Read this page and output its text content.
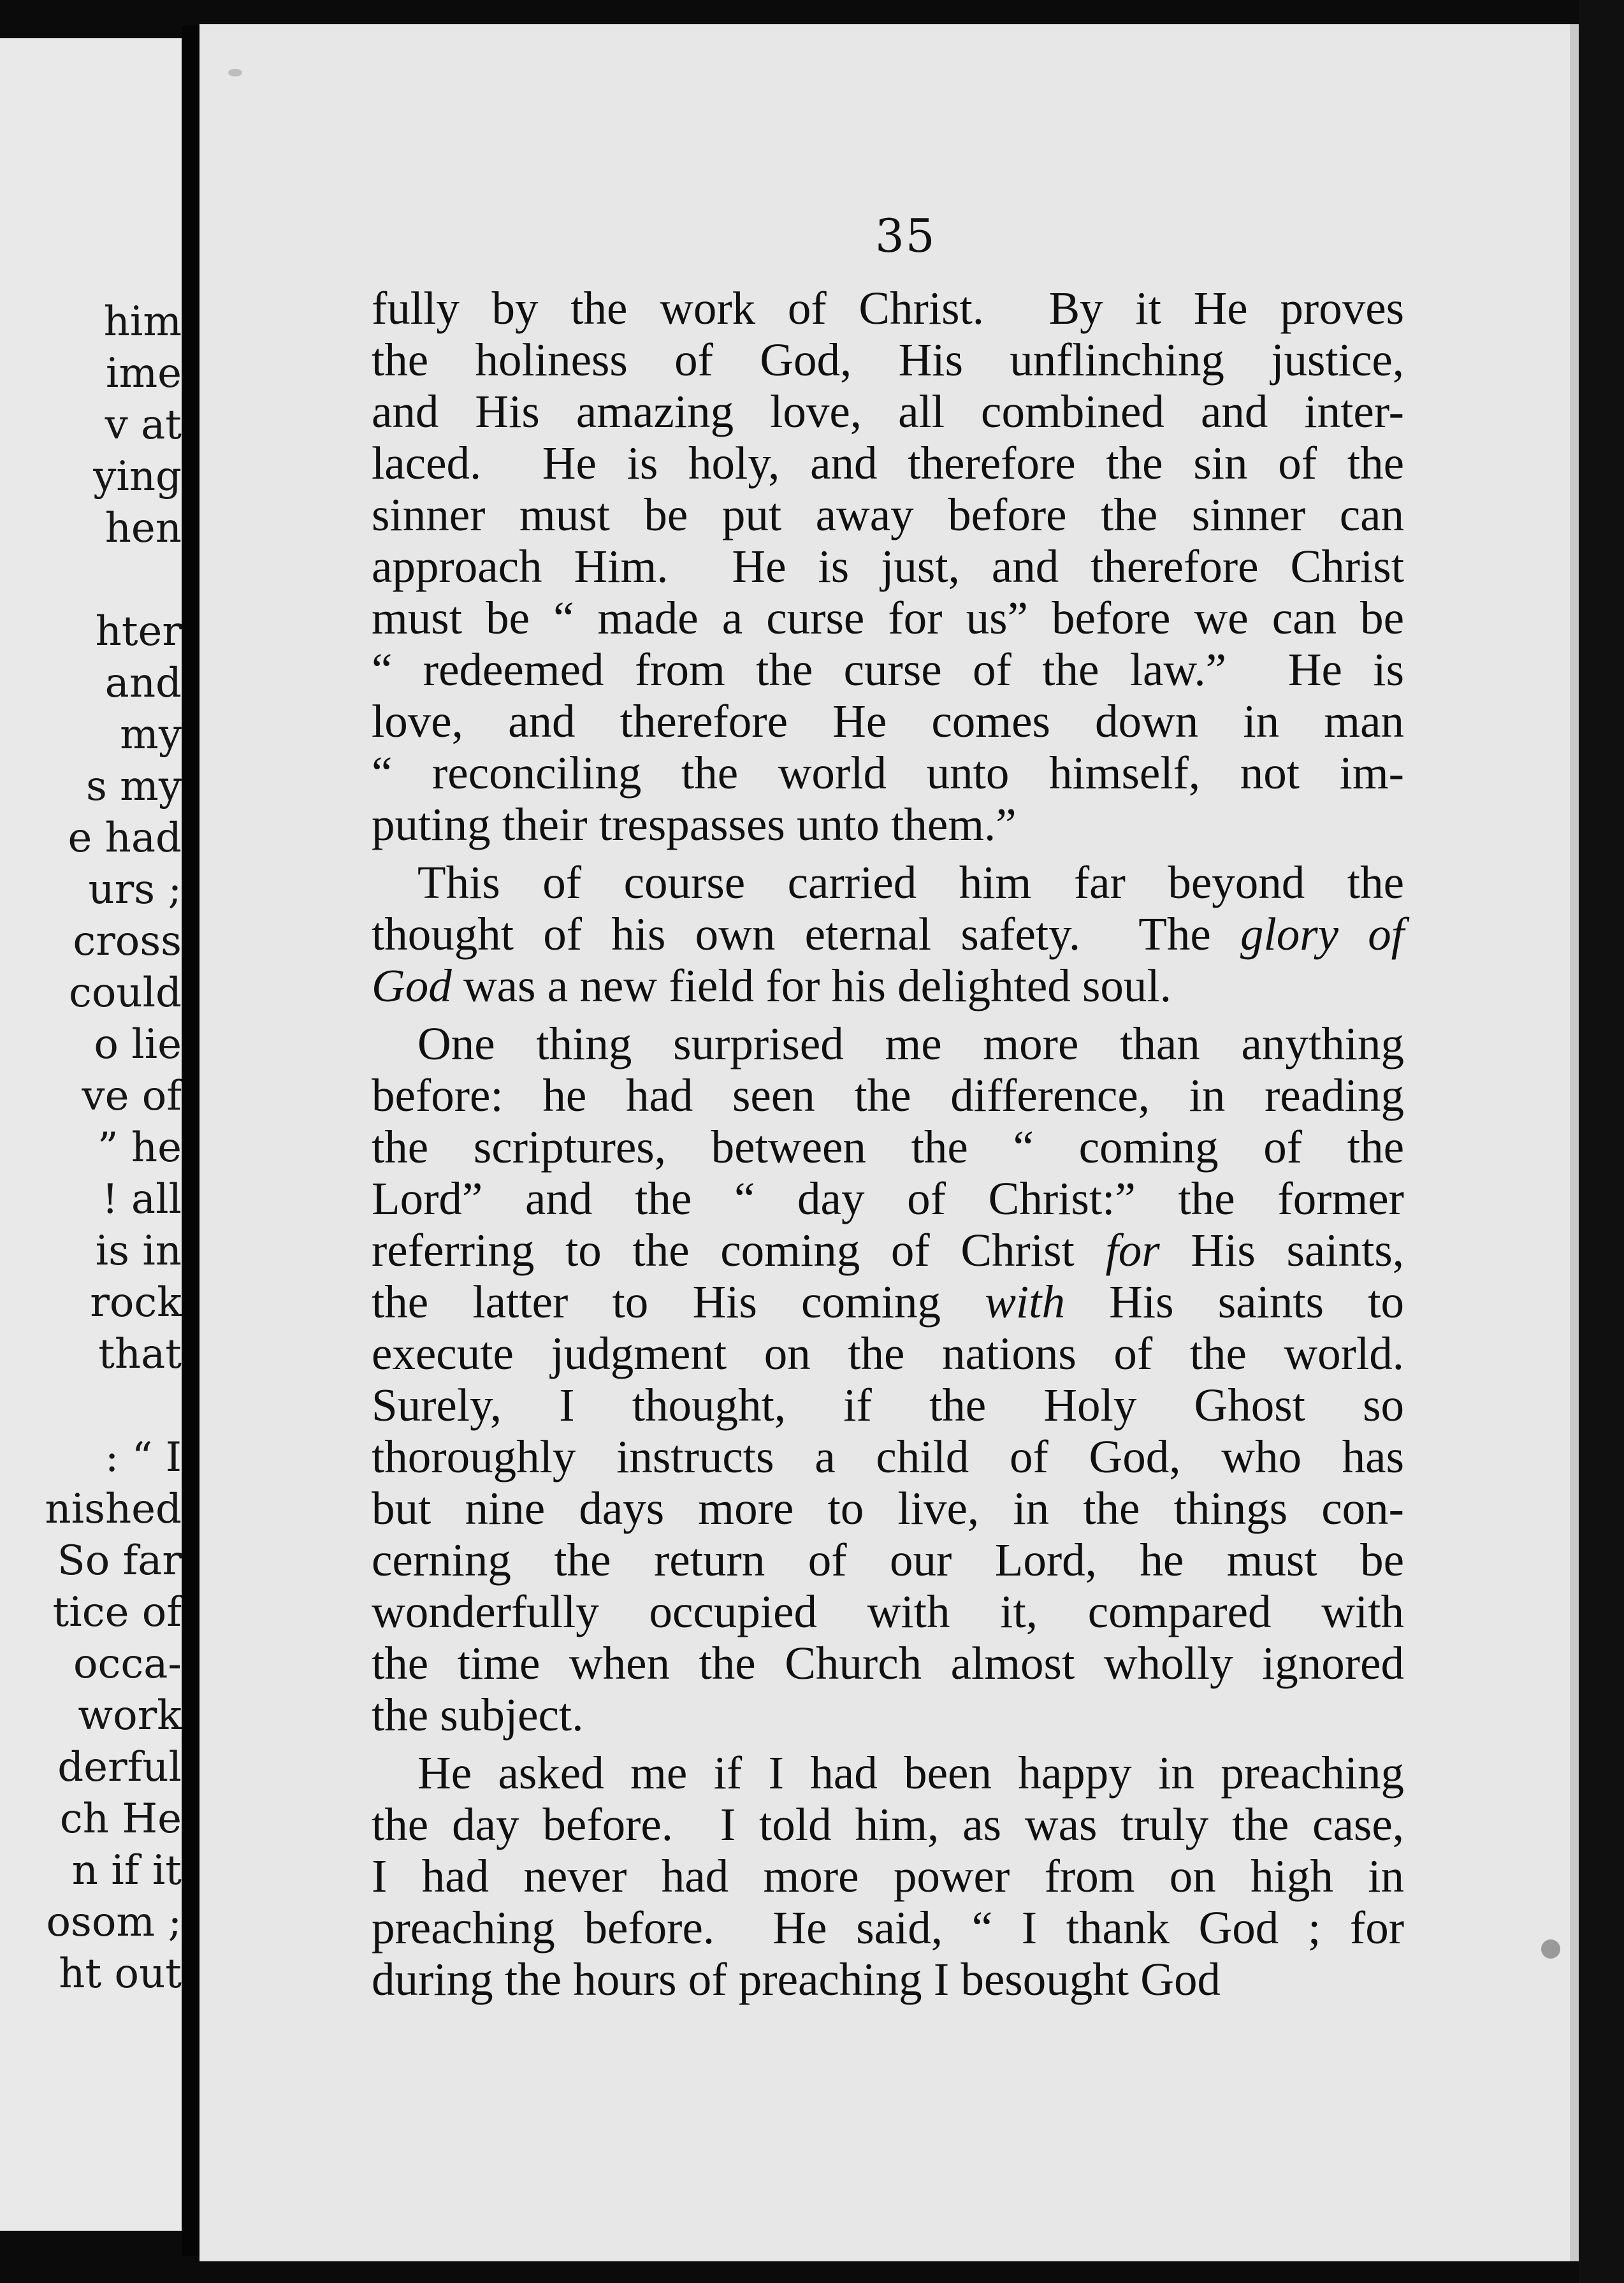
him
ime
v at
ying
hen
hter
and
my
s my
e had
urs ;
cross
could
o lie
ve of
” he
! all
is in
rock
that
: “ I
nished
So far
tice of
occa-
work
derful
ch He
n if it
osom ;
ht out
35
fully by the work of Christ.  By it He proves
the holiness of God, His unflinching justice,
and His amazing love, all combined and inter-
laced.  He is holy, and therefore the sin of the
sinner must be put away before the sinner can
approach Him.  He is just, and therefore Christ
must be “ made a curse for us” before we can be
“ redeemed from the curse of the law.”  He is
love, and therefore He comes down in man
“ reconciling the world unto himself, not im-
puting their trespasses unto them.”
This of course carried him far beyond the
thought of his own eternal safety.  The glory of
God was a new field for his delighted soul.
One thing surprised me more than anything
before: he had seen the difference, in reading
the scriptures, between the “ coming of the
Lord” and the “ day of Christ:” the former
referring to the coming of Christ for His saints,
the latter to His coming with His saints to
execute judgment on the nations of the world.
Surely, I thought, if the Holy Ghost so
thoroughly instructs a child of God, who has
but nine days more to live, in the things con-
cerning the return of our Lord, he must be
wonderfully occupied with it, compared with
the time when the Church almost wholly ignored
the subject.
He asked me if I had been happy in preaching
the day before.  I told him, as was truly the case,
I had never had more power from on high in
preaching before.  He said, “ I thank God ; for
during the hours of preaching I besought God
